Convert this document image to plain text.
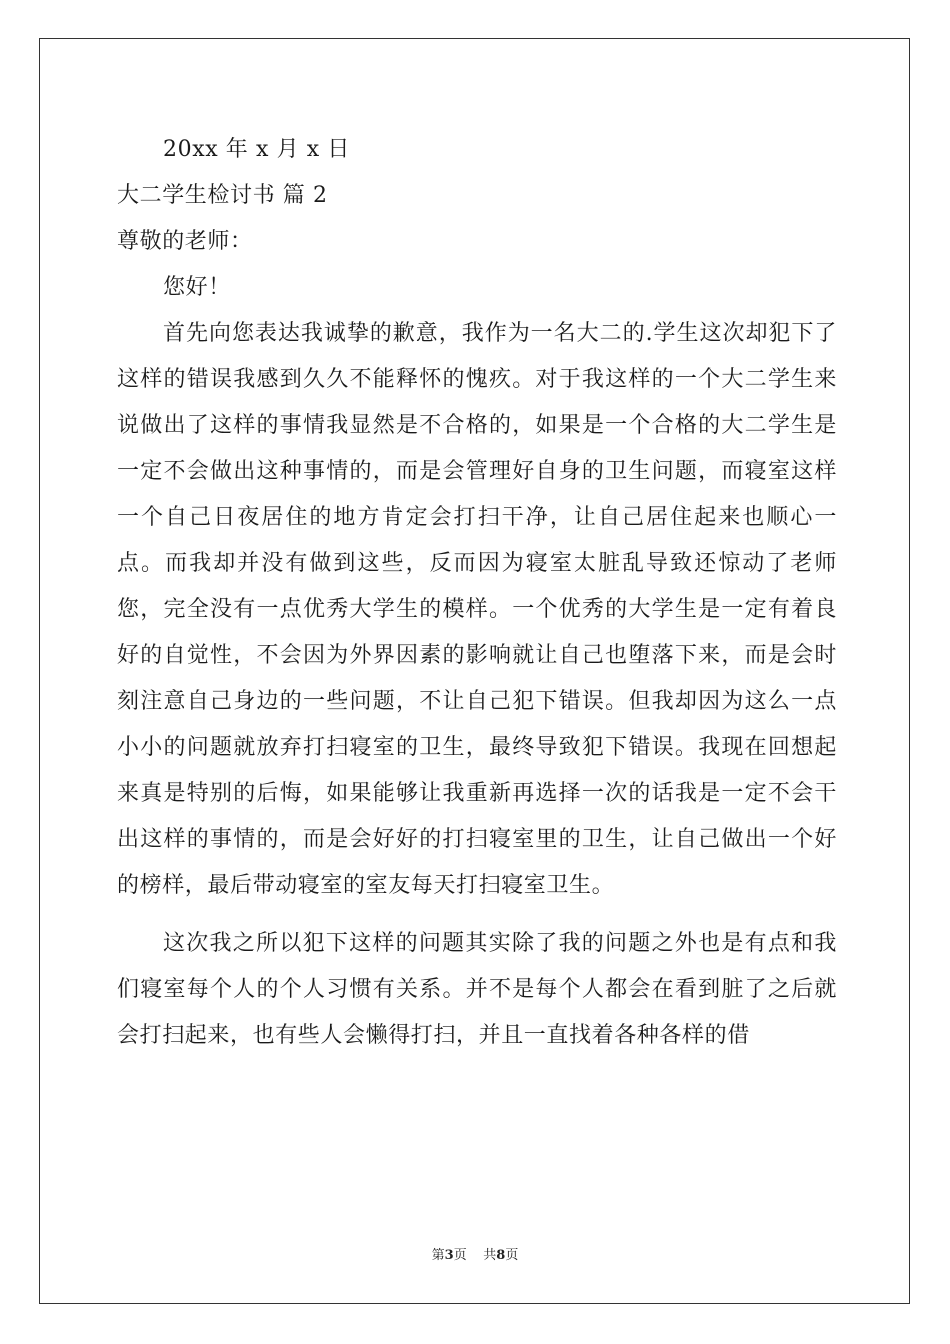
20xx 年 x 月 x 日
大二学生检讨书 篇 2
尊敬的老师：
您好！

首先向您表达我诚挚的歉意，我作为一名大二的.学生这次却犯下了这样的错误我感到久久不能释怀的愧疚。对于我这样的一个大二学生来说做出了这样的事情我显然是不合格的，如果是一个合格的大二学生是一定不会做出这种事情的，而是会管理好自身的卫生问题，而寝室这样一个自己日夜居住的地方肯定会打扫干净，让自己居住起来也顺心一点。而我却并没有做到这些，反而因为寝室太脏乱导致还惊动了老师您，完全没有一点优秀大学生的模样。一个优秀的大学生是一定有着良好的自觉性，不会因为外界因素的影响就让自己也堕落下来，而是会时刻注意自己身边的一些问题，不让自己犯下错误。但我却因为这么一点小小的问题就放弃打扫寝室的卫生，最终导致犯下错误。我现在回想起来真是特别的后悔，如果能够让我重新再选择一次的话我是一定不会干出这样的事情的，而是会好好的打扫寝室里的卫生，让自己做出一个好的榜样，最后带动寝室的室友每天打扫寝室卫生。

这次我之所以犯下这样的问题其实除了我的问题之外也是有点和我们寝室每个人的个人习惯有关系。并不是每个人都会在看到脏了之后就会打扫起来，也有些人会懒得打扫，并且一直找着各种各样的借

第3页 共8页
